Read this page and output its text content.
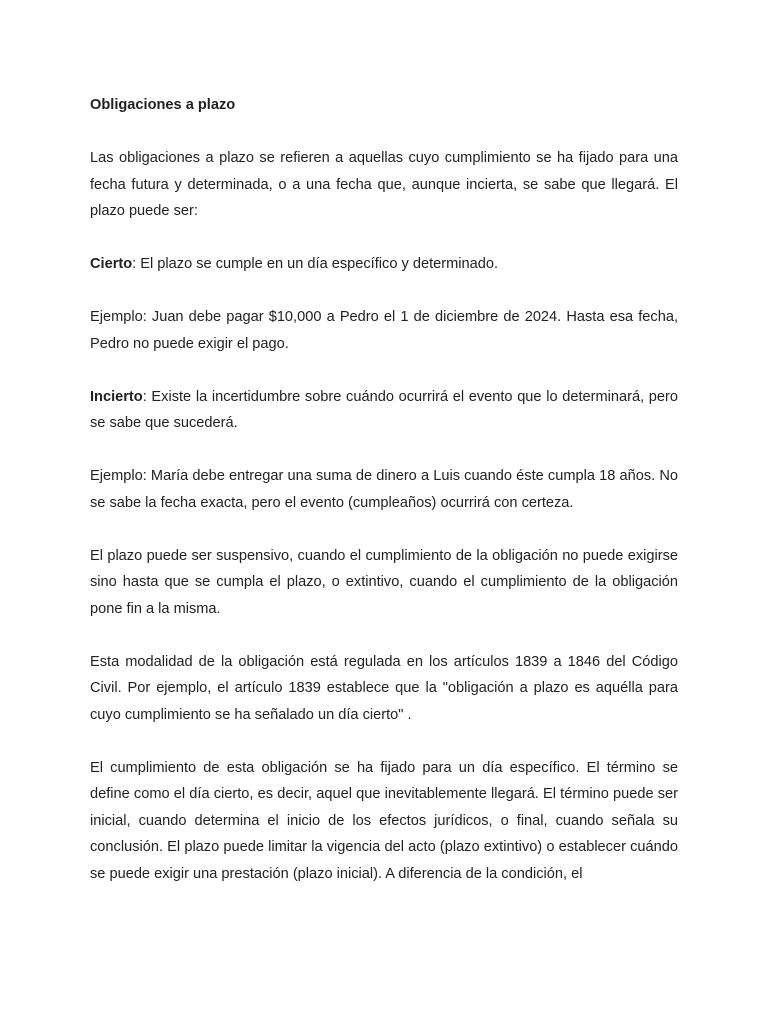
Obligaciones a plazo

Las obligaciones a plazo se refieren a aquellas cuyo cumplimiento se ha fijado para una fecha futura y determinada, o a una fecha que, aunque incierta, se sabe que llegará. El plazo puede ser:

Cierto: El plazo se cumple en un día específico y determinado.

Ejemplo: Juan debe pagar $10,000 a Pedro el 1 de diciembre de 2024. Hasta esa fecha, Pedro no puede exigir el pago.

Incierto: Existe la incertidumbre sobre cuándo ocurrirá el evento que lo determinará, pero se sabe que sucederá.

Ejemplo: María debe entregar una suma de dinero a Luis cuando éste cumpla 18 años. No se sabe la fecha exacta, pero el evento (cumpleaños) ocurrirá con certeza.

El plazo puede ser suspensivo, cuando el cumplimiento de la obligación no puede exigirse sino hasta que se cumpla el plazo, o extintivo, cuando el cumplimiento de la obligación pone fin a la misma.

Esta modalidad de la obligación está regulada en los artículos 1839 a 1846 del Código Civil. Por ejemplo, el artículo 1839 establece que la "obligación a plazo es aquélla para cuyo cumplimiento se ha señalado un día cierto" .

El cumplimiento de esta obligación se ha fijado para un día específico. El término se define como el día cierto, es decir, aquel que inevitablemente llegará. El término puede ser inicial, cuando determina el inicio de los efectos jurídicos, o final, cuando señala su conclusión. El plazo puede limitar la vigencia del acto (plazo extintivo) o establecer cuándo se puede exigir una prestación (plazo inicial). A diferencia de la condición, el
